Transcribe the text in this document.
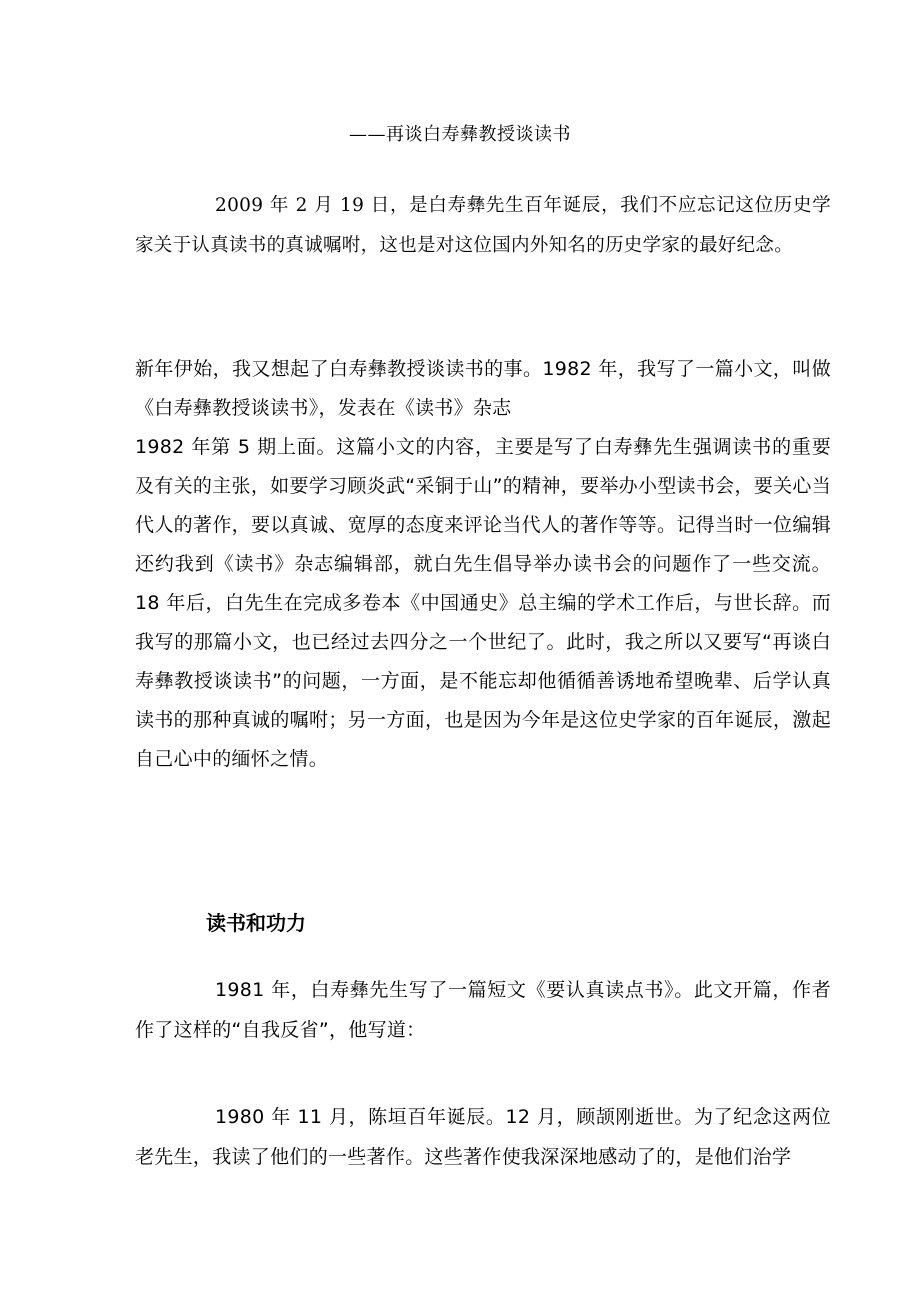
——再谈白寿彝教授谈读书

2009 年 2 月 19 日，是白寿彝先生百年诞辰，我们不应忘记这位历史学家关于认真读书的真诚嘱咐，这也是对这位国内外知名的历史学家的最好纪念。

新年伊始，我又想起了白寿彝教授谈读书的事。1982 年，我写了一篇小文，叫做《白寿彝教授谈读书》，发表在《读书》杂志
1982 年第 5 期上面。这篇小文的内容，主要是写了白寿彝先生强调读书的重要及有关的主张，如要学习顾炎武“采铜于山”的精神，要举办小型读书会，要关心当代人的著作，要以真诚、宽厚的态度来评论当代人的著作等等。记得当时一位编辑还约我到《读书》杂志编辑部，就白先生倡导举办读书会的问题作了一些交流。18 年后，白先生在完成多卷本《中国通史》总主编的学术工作后，与世长辞。而我写的那篇小文，也已经过去四分之一个世纪了。此时，我之所以又要写“再谈白寿彝教授谈读书”的问题，一方面，是不能忘却他循循善诱地希望晚辈、后学认真读书的那种真诚的嘱咐；另一方面，也是因为今年是这位史学家的百年诞辰，激起自己心中的缅怀之情。
读书和功力

1981 年，白寿彝先生写了一篇短文《要认真读点书》。此文开篇，作者作了这样的“自我反省”，他写道：

1980 年 11 月，陈垣百年诞辰。12 月，顾颉刚逝世。为了纪念这两位老先生，我读了他们的一些著作。这些著作使我深深地感动了的，是他们治学
